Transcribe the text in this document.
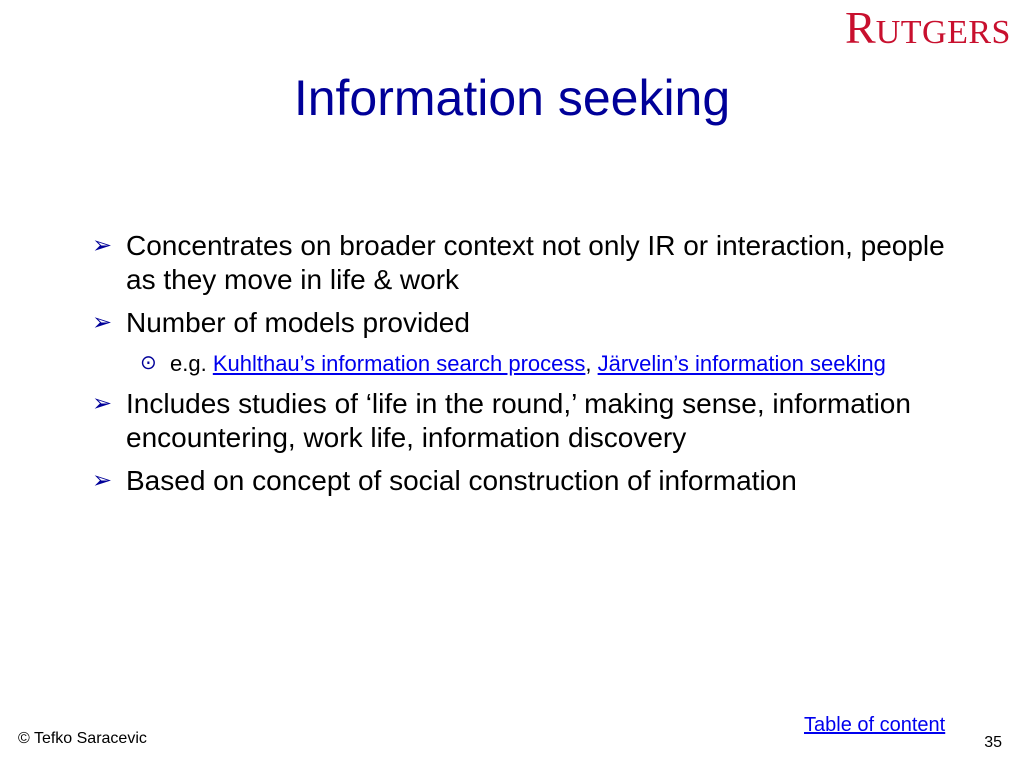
RUTGERS
Information seeking
➢ Concentrates on broader context not only IR or interaction, people as they move in life & work
➢ Number of models provided
⊙ e.g. Kuhlthau’s information search process, Järvelin’s information seeking
➢ Includes studies of ‘life in the round,’ making sense, information encountering, work life, information discovery
➢ Based on concept of social construction of information
© Tefko Saracevic
Table of content
35
